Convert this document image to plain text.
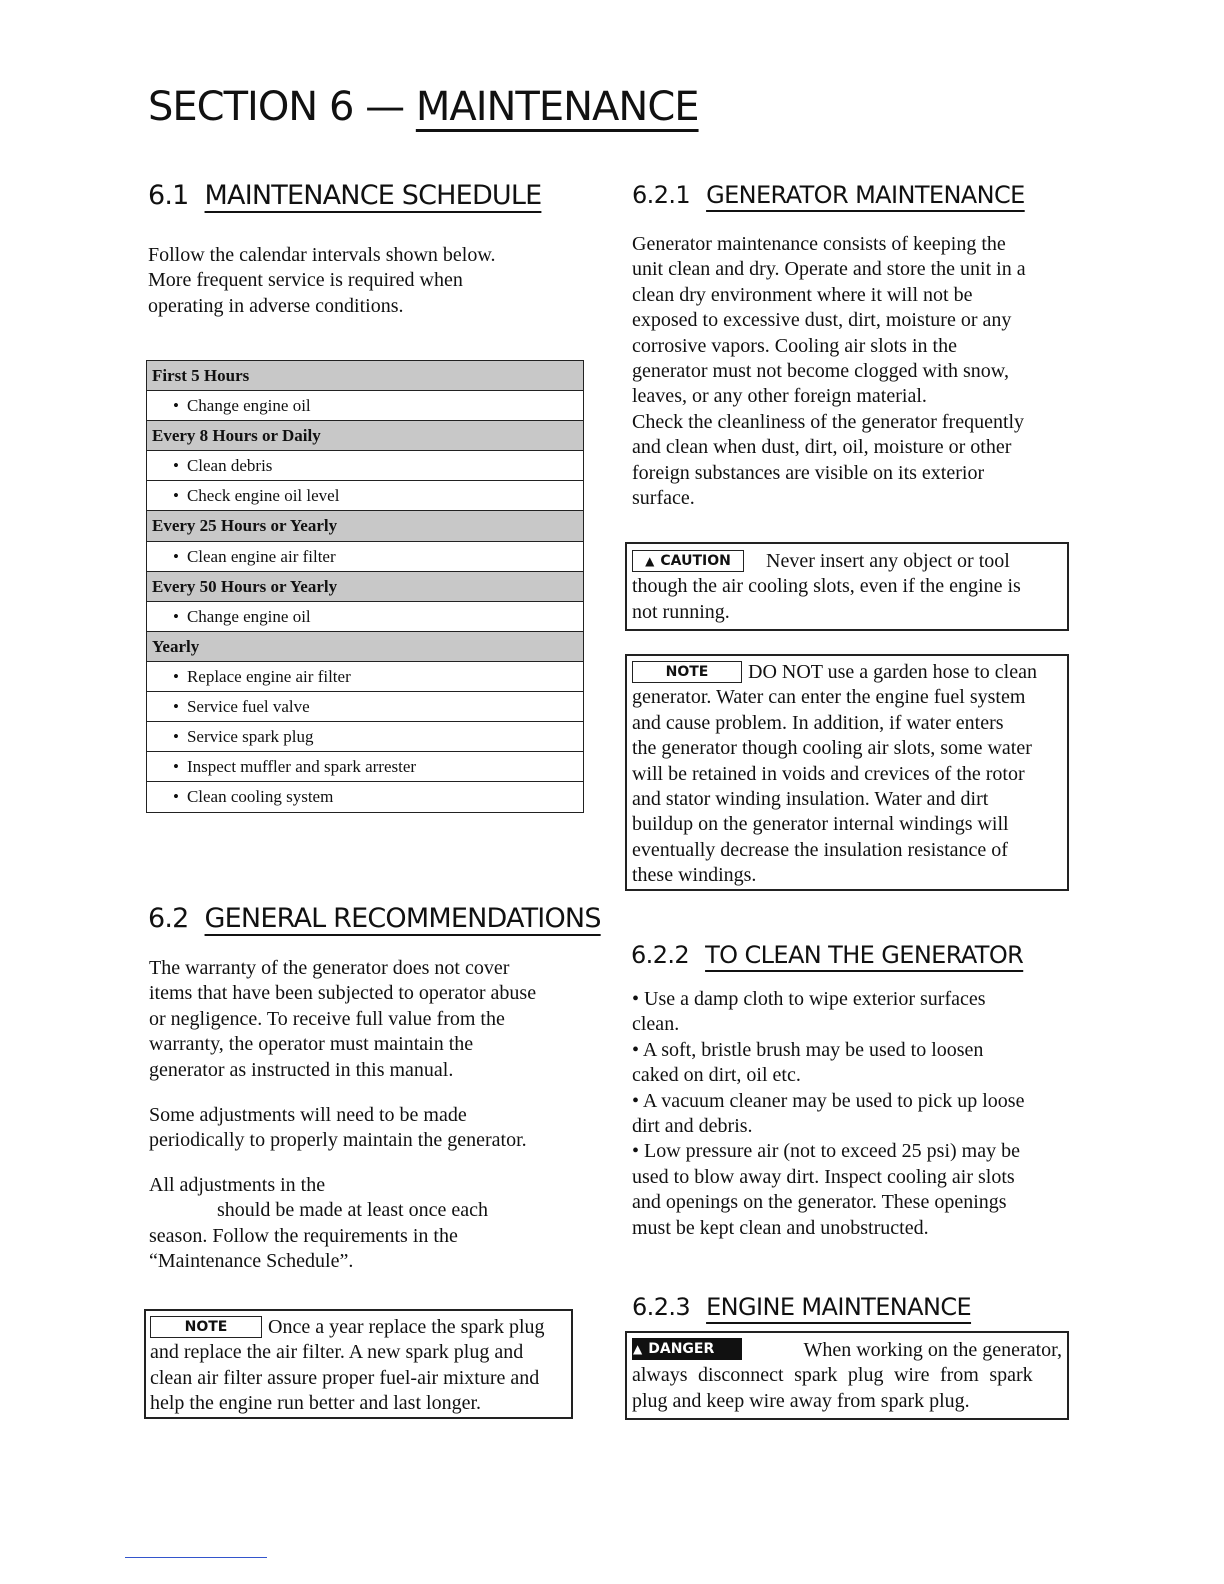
SECTION 6 — MAINTENANCE
6.1 MAINTENANCE SCHEDULE
Follow the calendar intervals shown below.
More frequent service is required when
operating in adverse conditions.
First 5 Hours
• Change engine oil
Every 8 Hours or Daily
• Clean debris
• Check engine oil level
Every 25 Hours or Yearly
• Clean engine air filter
Every 50 Hours or Yearly
• Change engine oil
Yearly
• Replace engine air filter
• Service fuel valve
• Service spark plug
• Inspect muffler and spark arrester
• Clean cooling system
6.2 GENERAL RECOMMENDATIONS
The warranty of the generator does not cover
items that have been subjected to operator abuse
or negligence. To receive full value from the
warranty, the operator must maintain the
generator as instructed in this manual.
Some adjustments will need to be made
periodically to properly maintain the generator.
All adjustments in the
should be made at least once each
season. Follow the requirements in the
“Maintenance Schedule”.
NOTE Once a year replace the spark plug
and replace the air filter. A new spark plug and
clean air filter assure proper fuel-air mixture and
help the engine run better and last longer.
6.2.1 GENERATOR MAINTENANCE
Generator maintenance consists of keeping the
unit clean and dry. Operate and store the unit in a
clean dry environment where it will not be
exposed to excessive dust, dirt, moisture or any
corrosive vapors. Cooling air slots in the
generator must not become clogged with snow,
leaves, or any other foreign material.
Check the cleanliness of the generator frequently
and clean when dust, dirt, oil, moisture or other
foreign substances are visible on its exterior
surface.
▲ CAUTION Never insert any object or tool
though the air cooling slots, even if the engine is
not running.
NOTE DO NOT use a garden hose to clean
generator. Water can enter the engine fuel system
and cause problem. In addition, if water enters
the generator though cooling air slots, some water
will be retained in voids and crevices of the rotor
and stator winding insulation. Water and dirt
buildup on the generator internal windings will
eventually decrease the insulation resistance of
these windings.
6.2.2 TO CLEAN THE GENERATOR
• Use a damp cloth to wipe exterior surfaces
clean.
• A soft, bristle brush may be used to loosen
caked on dirt, oil etc.
• A vacuum cleaner may be used to pick up loose
dirt and debris.
• Low pressure air (not to exceed 25 psi) may be
used to blow away dirt. Inspect cooling air slots
and openings on the generator. These openings
must be kept clean and unobstructed.
6.2.3 ENGINE MAINTENANCE
▲ DANGER	When working on the generator,
always disconnect spark plug wire from spark
plug and keep wire away from spark plug.
